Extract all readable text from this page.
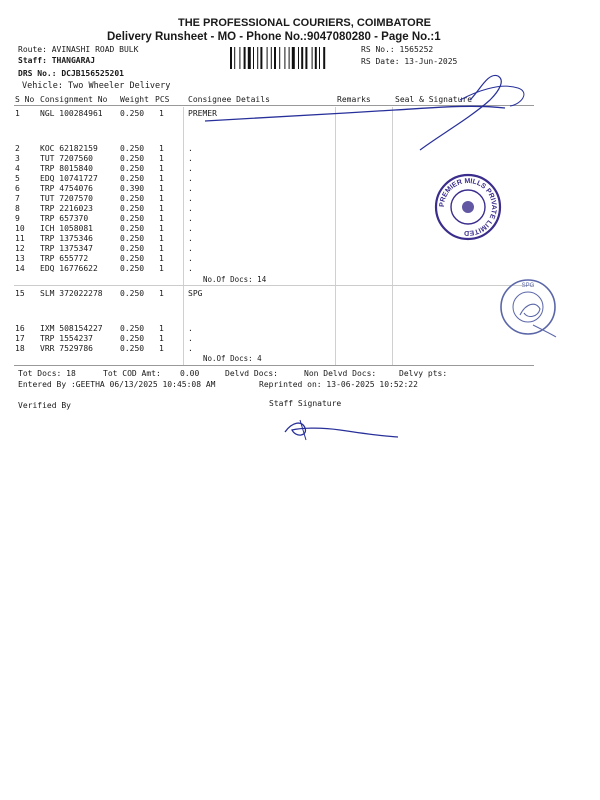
THE PROFESSIONAL COURIERS, COIMBATORE
Delivery Runsheet - MO - Phone No.:9047080280 - Page No.:1
Route: AVINASHI ROAD BULK
Staff: THANGARAJ
DRS No.: DCJB156525201
Vehicle: Two Wheeler Delivery
RS No.: 1565252
RS Date: 13-Jun-2025
S No Consignment No Weight PCS Consignee Details	Remarks	Seal & Signature
1	NGL 100284961 0.250 1	PREMER
2	KOC 62182159	0.250 1	.
3	TUT 7207560	0.250 1	.
4	TRP 8015840	0.250 1	.
5	EDQ 10741727	0.250 1	.
6	TRP 4754076	0.390 1	.
7	TUT 7207570	0.250 1	.
8	TRP 2216023	0.250 1	.
9	TRP 657370	0.250 1	.
10 ICH 1058081	0.250 1	.
11 TRP 1375346	0.250 1	.
12 TRP 1375347	0.250 1	.
13 TRP 655772	0.250 1	.
14 EDQ 16776622	0.250 1	.
15 SLM 372022278 0.250 1	SPG
16 IXM 508154227 0.250 1	.
17 TRP 1554237	0.250 1	.
18 VRR 7529786	0.250 1	.
No.Of Docs: 14
No.Of Docs: 4
Tot Docs: 18	Tot COD Amt: 0.00	Delvd Docs:	Non Delvd Docs:	Delvy pts:
Entered By :GEETHA 06/13/2025 10:45:08 AM	Reprinted on: 13-06-2025 10:52:22
Verified By	Staff Signature
PREMIER MILLS PRIVATE LIMITED
SPG
